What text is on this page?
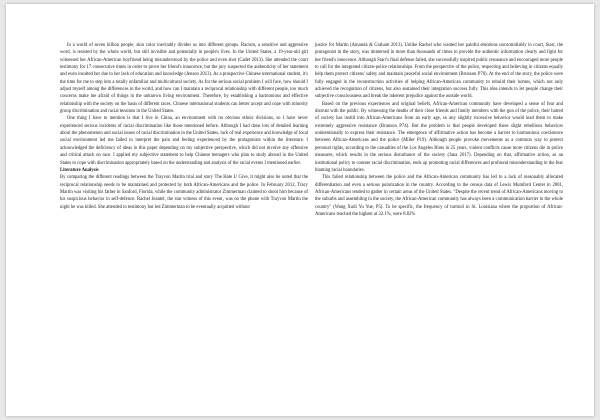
In a world of seven billion people, skin color inevitably divides us into different groups. Racism, a sensitive and aggressive word, is resisted by the whole world, but still invisible and potentially in people's lives. In the United States, a 19-year-old girl witnessed her African-American boyfriend being misunderstood by the police and even shot (Cadet 2013). She attended the court testimony for 17 consecutive times in order to prove her friend's innocence, but the jury suspected the authenticity of her statement and even insulted her due to her lack of education and knowledge (Jenson 2013). As a prospective Chinese international student, it's the time for me to step into a totally unfamiliar and multicultural society. As for the serious social problem I will face, how should I adjust myself among the differences in the world, and how can I maintain a reciprocal relationship with different people, too much concerns make me afraid of things in the unknown living environment. Therefore, by establishing a harmonious and effective relationship with the society on the basis of different races, Chinese international students can better accept and cope with minority group discrimination and racial tensions in the United States.

One thing I have to mention is that I live in China, an environment with no obvious ethnic divisions, so I have never experienced serious incidents of racial discrimination like those mentioned before. Although I had done lots of detailed learning about the phenomenon and social issues of racial discrimination in the United States, lack of real experience and knowledge of local social environment led me failed to interpret the pain and feeling experienced by the protagonists within the literature. I acknowledged the deficiency of ideas in this paper depending on my subjective perspective, which did not involve any offensive and critical attack on race. I applied my subjective statement to help Chinese teenagers who plan to study abroad in the United States to cope with discrimination appropriately based on the understanding and analysis of the racial events I mentioned earlier.

Literature Analysis

By comparing the different readings between the Trayvon Martin trial and story The Hate U Give, it might also be noted that the reciprocal relationship needs to be maintained and protected by both African-Americans and the police. In February 2012, Tracy Martin was visiting his father in Sanford, Florida, while the community administrator Zimmerman claimed to shoot him because of his suspicious behavior in self-defence. Rachel Jeantel, the star witness of this event, was on the phone with Trayvon Martin the night he was killed. She attended to testimony but led Zimmerman to be eventually acquitted without

justice for Martin (Amanda & Graham 2013). Unlike Rachel who wanted her painful emotions uncontrollably in court, Starr, the protagonist in the story, was immersed in more than thousands of times to provide the authentic information clearly and fight for her friend's innocence. Although Starr's final defense failed, she successfully inspired public resonance and encouraged more people to call for the integrated citizen-police relationships. From the perspective of the police, respecting and believing in citizens equally help them protect citizens' safety and maintain peaceful social environment (Brunson P76). At the end of the story, the police were fully engaged in the reconstruction activities of helping African-American community to rebuild their homes, which not only achieved the recognition of citizens, but also sustained their integration success fully. This idea intends to let people change their subjective consciousness and break the inherent prejudice against the outside world.

Based on the previous experiences and original beliefs, African-American community have developed a sense of fear and distrust with the public. By witnessing the deaths of their close friends and family members with the gun of the police, their hatred of society has instill into African-Americans from an early age, so any slightly excessive behavior would lead them to make extremely aggressive resistance (Brunson P74). But the problem is that people developed these slight rebellious behaviors unintentionally to express their resistance. The emergence of affirmative action has become a barrier to harmonious coexistence between African-Americans and the police (Miller P19). Although people provoke movements as a common way to protect personal rights, according to the casualties of the Los Angeles Riots in 25 years, violent conflicts cause more citizens die in police measures, which results in the serious disturbance of the society (Jana 2017). Depending on that, affirmative action, as an institutional policy to counter racial discrimination, ends up promoting racial differences and profound misunderstanding in the fear blaming racial boundaries.

This failed relationship between the police and the African-American community has led to a lack of reasonably allocated differentiation and even a serious polarization in the country. According to the census data of Lewis Mumford Center in 2001, African-Americans tended to gather in certain areas of the United States. "Despite the recent trend of African-Americans moving to the suburbs and assembling in the society, the African-American community has always been a communication barrier in the whole country" (Wang Xudi Yu Yue, P5). To be specific, the frequency of turmoil in St. Louisiana where the proportion of African-Americans reached the highest at 32.1%, were 8.82%
